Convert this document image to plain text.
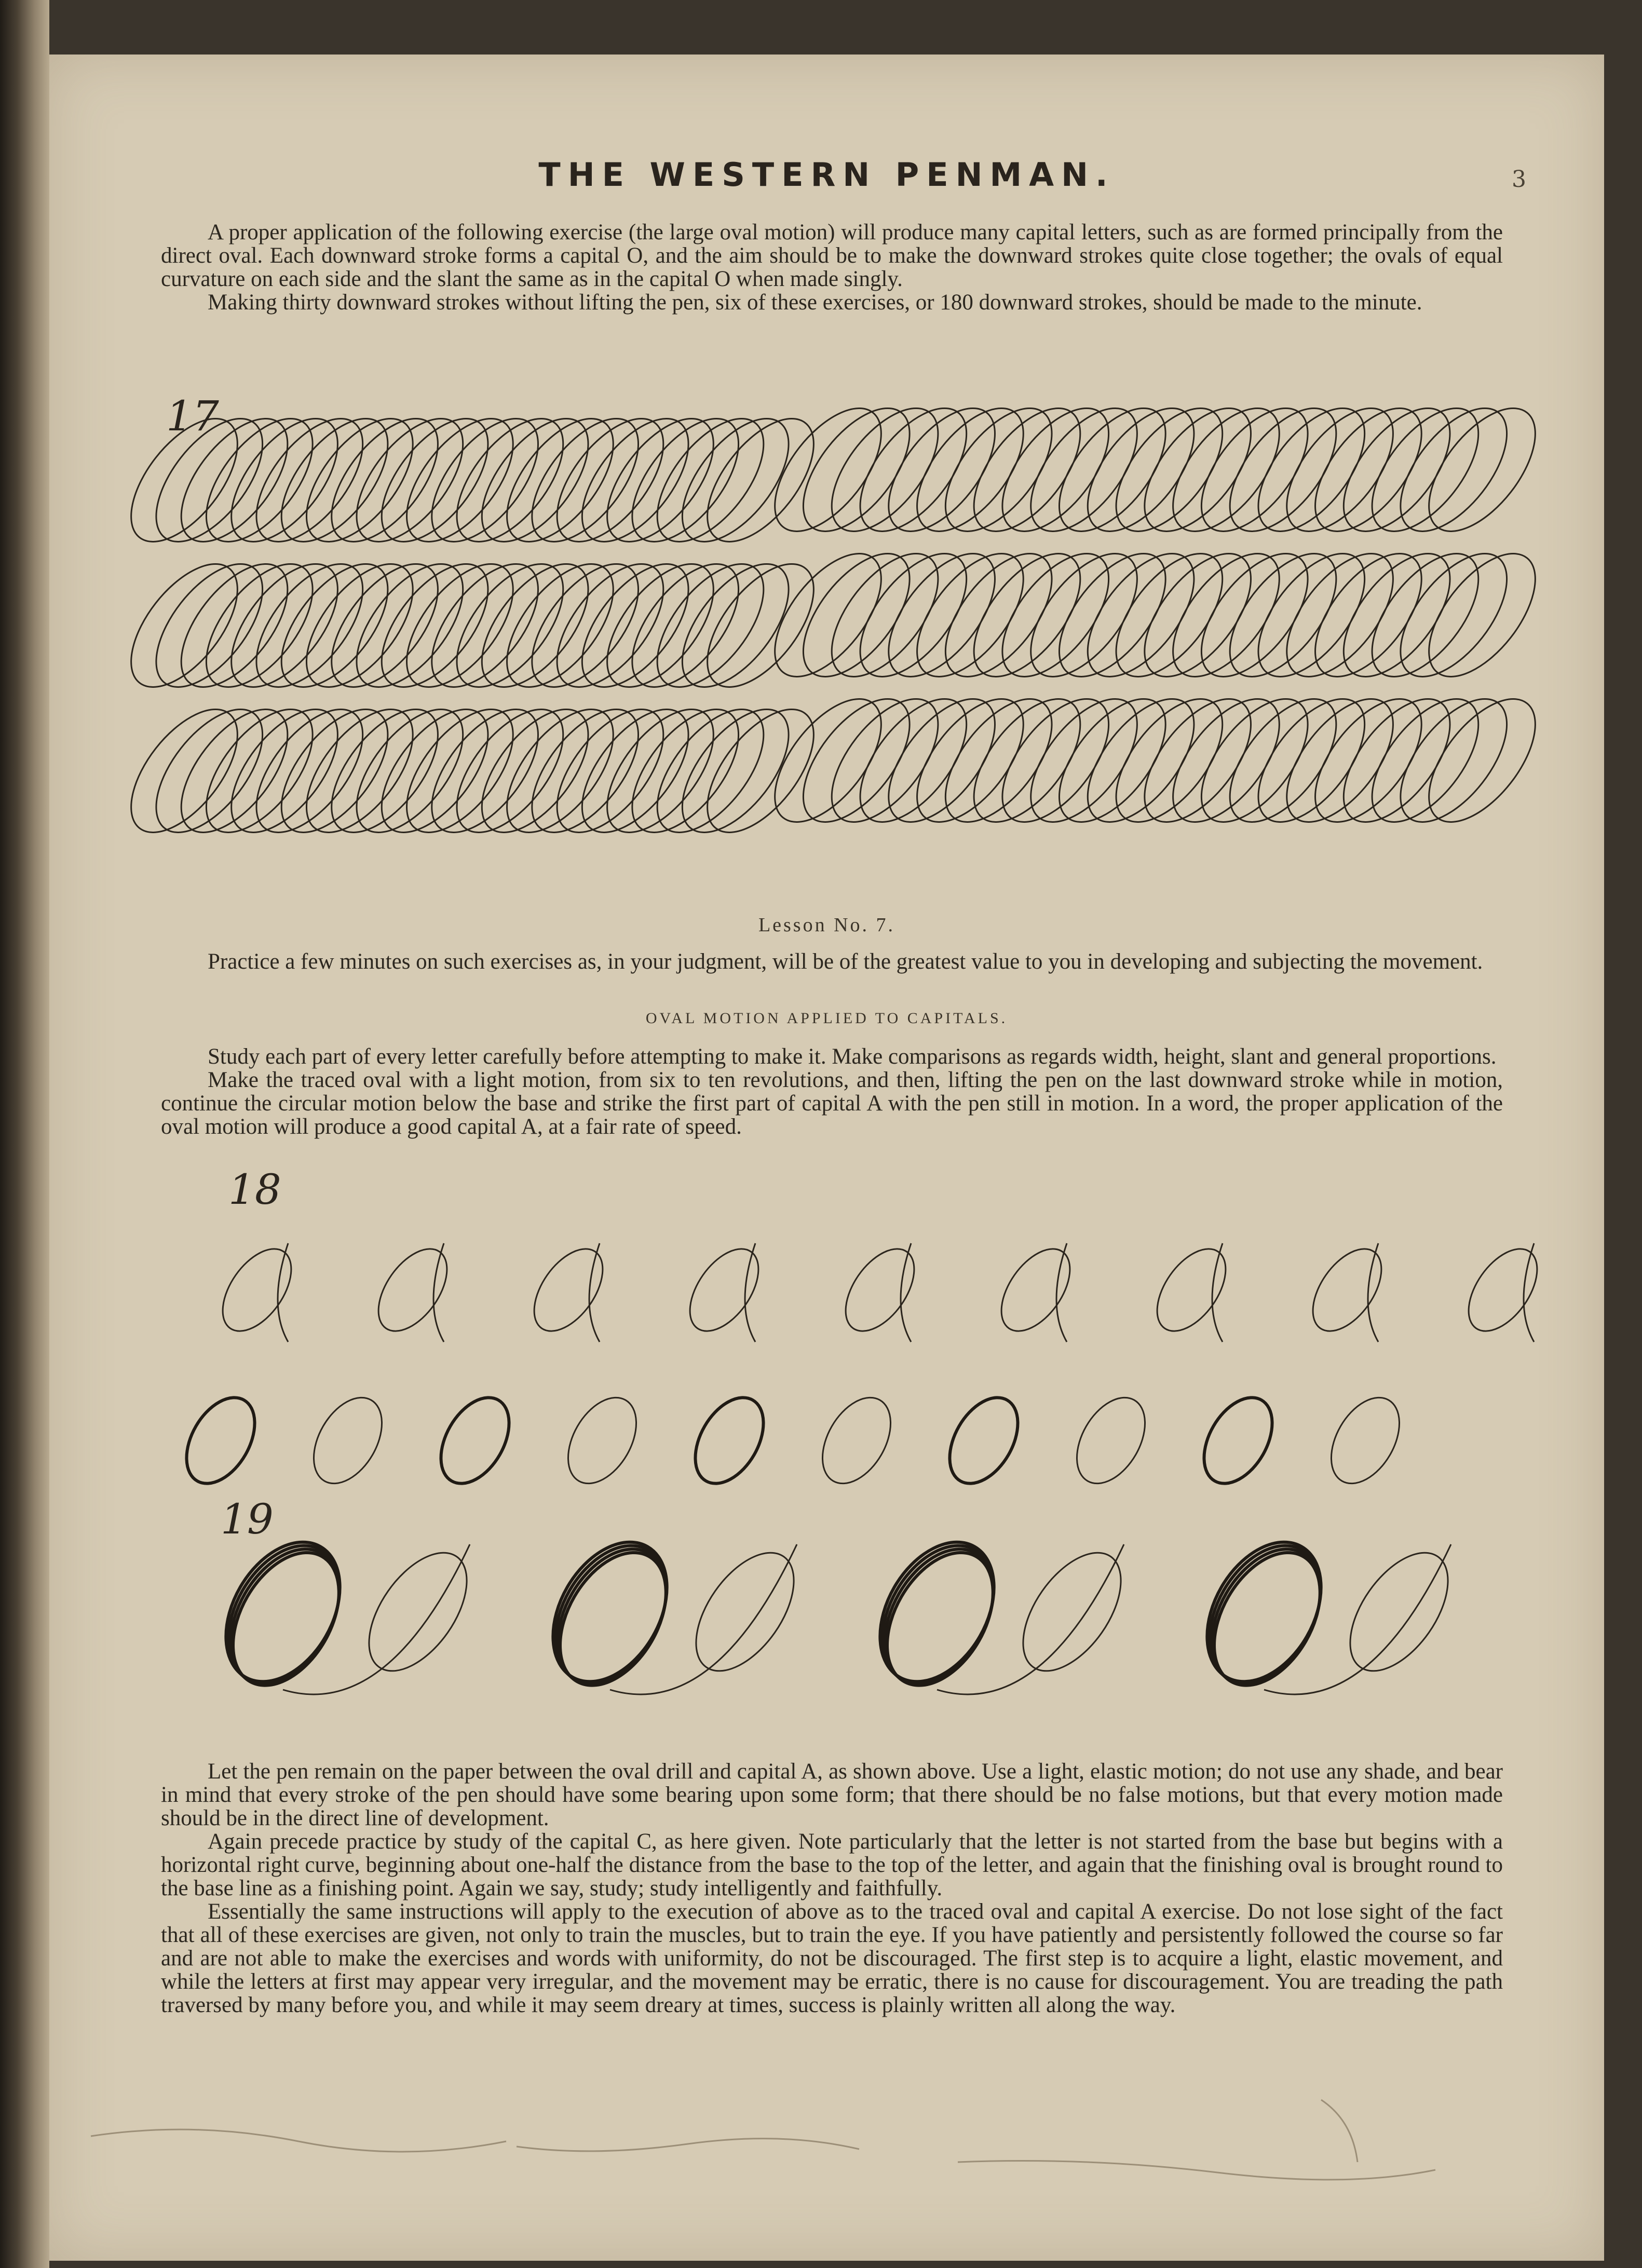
THE WESTERN PENMAN.	3

A proper application of the following exercise (the large oval motion) will produce many capital letters, such as are formed principally from the direct oval. Each downward stroke forms a capital O, and the aim should be to make the downward strokes quite close together; the ovals of equal curvature on each side and the slant the same as in the capital O when made singly.

Making thirty downward strokes without lifting the pen, six of these exercises, or 180 downward strokes, should be made to the minute.

17
Lesson No. 7.

Practice a few minutes on such exercises as, in your judgment, will be of the greatest value to you in developing and subjecting the movement.

OVAL MOTION APPLIED TO CAPITALS.

Study each part of every letter carefully before attempting to make it. Make comparisons as regards width, height, slant and general proportions.

Make the traced oval with a light motion, from six to ten revolutions, and then, lifting the pen on the last downward stroke while in motion, continue the circular motion below the base and strike the first part of capital A with the pen still in motion. In a word, the proper application of the oval motion will produce a good capital A, at a fair rate of speed.

18
19

Let the pen remain on the paper between the oval drill and capital A, as shown above. Use a light, elastic motion; do not use any shade, and bear in mind that every stroke of the pen should have some bearing upon some form; that there should be no false motions, but that every motion made should be in the direct line of development.

Again precede practice by study of the capital C, as here given. Note particularly that the letter is not started from the base but begins with a horizontal right curve, beginning about one-half the distance from the base to the top of the letter, and again that the finishing oval is brought round to the base line as a finishing point. Again we say, study; study intelligently and faithfully.

Essentially the same instructions will apply to the execution of above as to the traced oval and capital A exercise. Do not lose sight of the fact that all of these exercises are given, not only to train the muscles, but to train the eye. If you have patiently and persistently followed the course so far and are not able to make the exercises and words with uniformity, do not be discouraged. The first step is to acquire a light, elastic movement, and while the letters at first may appear very irregular, and the movement may be erratic, there is no cause for discouragement. You are treading the path traversed by many before you, and while it may seem dreary at times, success is plainly written all along the way.
